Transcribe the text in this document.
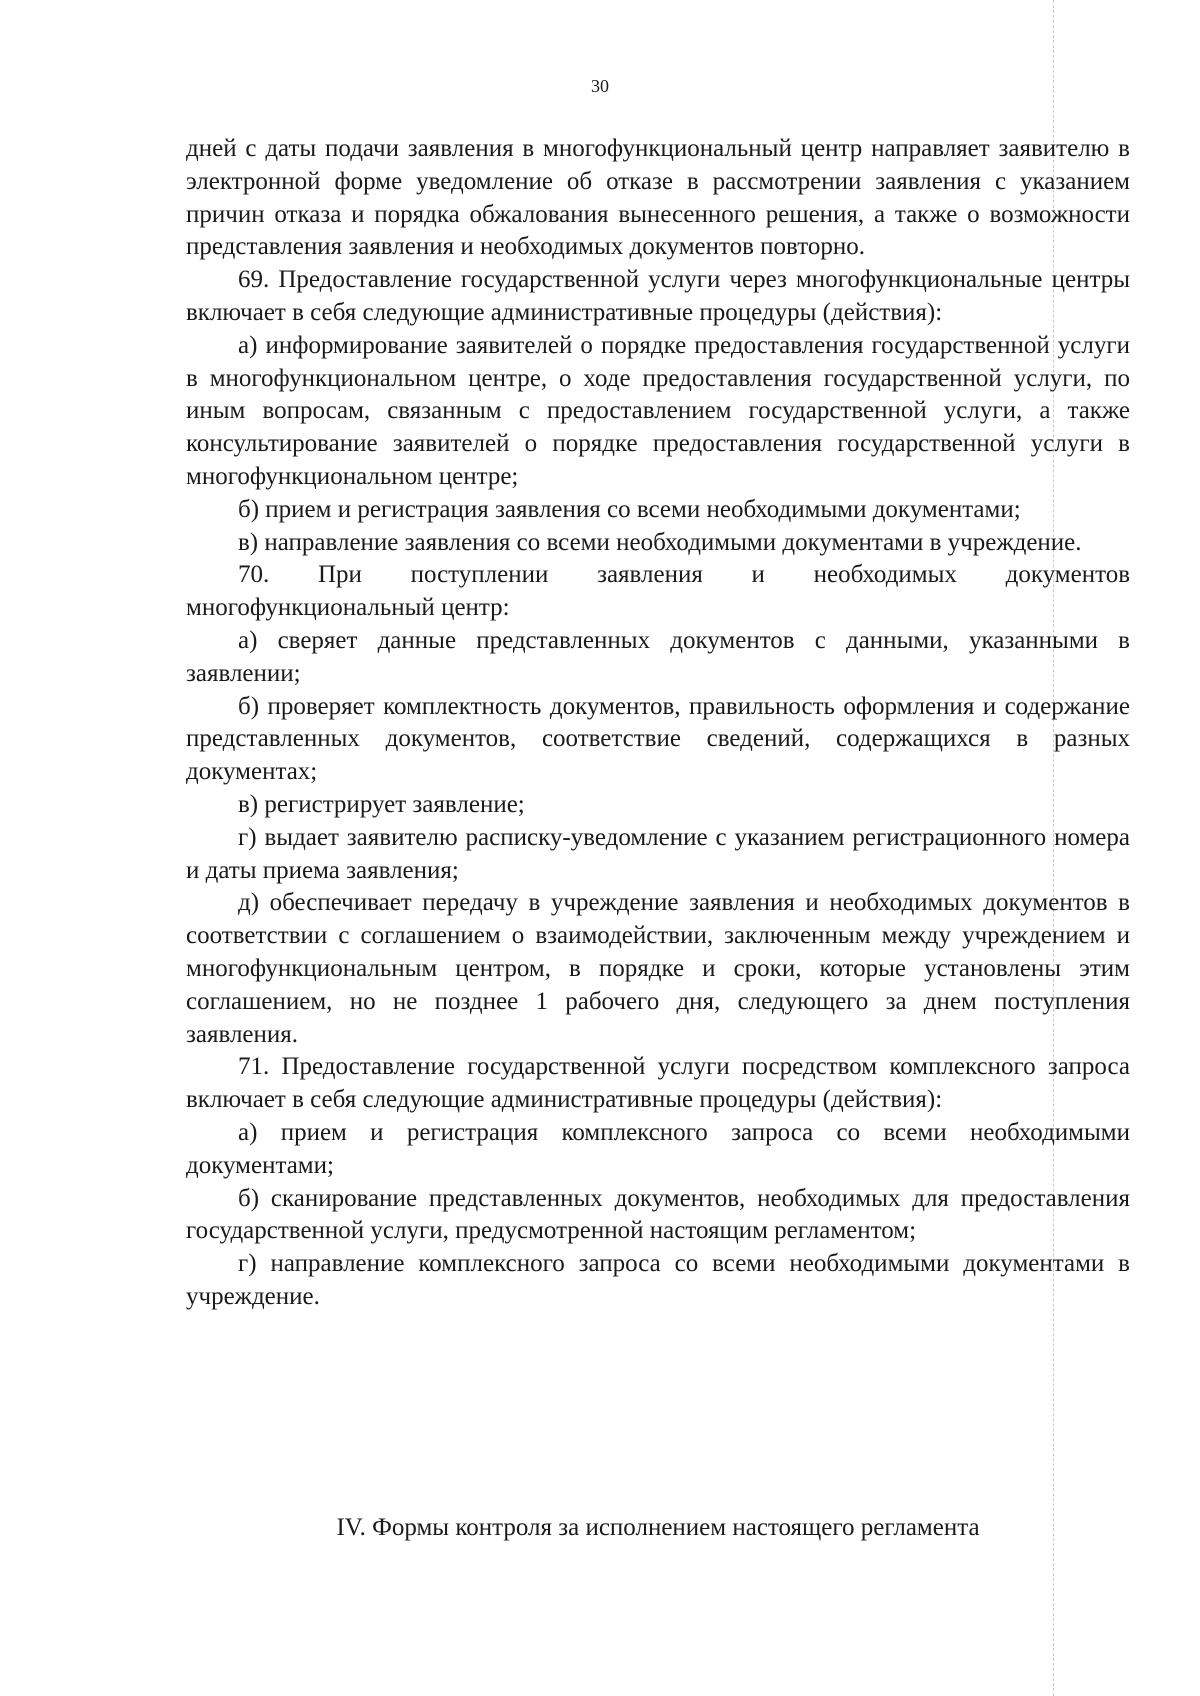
30

дней с даты подачи заявления в многофункциональный центр направляет заявителю в электронной форме уведомление об отказе в рассмотрении заявления с указанием причин отказа и порядка обжалования вынесенного решения, а также о возможности представления заявления и необходимых документов повторно.

69. Предоставление государственной услуги через многофункциональные центры включает в себя следующие административные процедуры (действия):

а) информирование заявителей о порядке предоставления государственной услуги в многофункциональном центре, о ходе предоставления государственной услуги, по иным вопросам, связанным с предоставлением государственной услуги, а также консультирование заявителей о порядке предоставления государственной услуги в многофункциональном центре;

б) прием и регистрация заявления со всеми необходимыми документами;

в) направление заявления со всеми необходимыми документами в учреждение.

70. При поступлении заявления и необходимых документов многофункциональный центр:

а) сверяет данные представленных документов с данными, указанными в заявлении;

б) проверяет комплектность документов, правильность оформления и содержание представленных документов, соответствие сведений, содержащихся в разных документах;

в) регистрирует заявление;

г) выдает заявителю расписку-уведомление с указанием регистрационного номера и даты приема заявления;

д) обеспечивает передачу в учреждение заявления и необходимых документов в соответствии с соглашением о взаимодействии, заключенным между учреждением и многофункциональным центром, в порядке и сроки, которые установлены этим соглашением, но не позднее 1 рабочего дня, следующего за днем поступления заявления.

71. Предоставление государственной услуги посредством комплексного запроса включает в себя следующие административные процедуры (действия):

а) прием и регистрация комплексного запроса со всеми необходимыми документами;

б) сканирование представленных документов, необходимых для предоставления государственной услуги, предусмотренной настоящим регламентом;

г) направление комплексного запроса со всеми необходимыми документами в учреждение.

IV. Формы контроля за исполнением настоящего регламента
